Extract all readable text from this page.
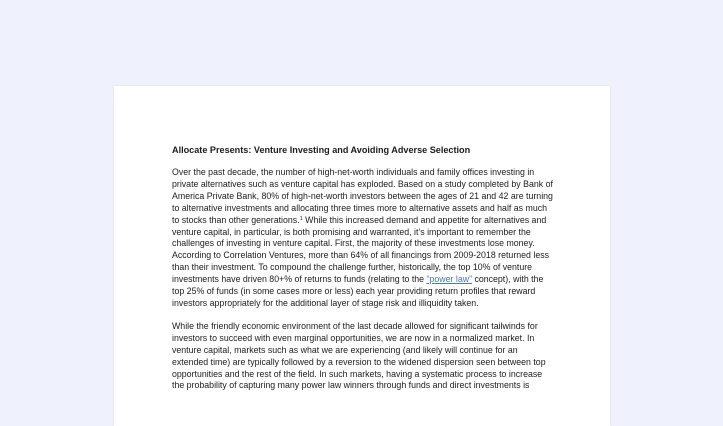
Allocate Presents: Venture Investing and Avoiding Adverse Selection

Over the past decade, the number of high-net-worth individuals and family offices investing in private alternatives such as venture capital has exploded. Based on a study completed by Bank of America Private Bank, 80% of high-net-worth investors between the ages of 21 and 42 are turning to alternative investments and allocating three times more to alternative assets and half as much to stocks than other generations.$^1$ While this increased demand and appetite for alternatives and venture capital, in particular, is both promising and warranted, it’s important to remember the challenges of investing in venture capital. First, the majority of these investments lose money. According to Correlation Ventures, more than 64% of all financings from 2009-2018 returned less than their investment. To compound the challenge further, historically, the top 10% of venture investments have driven 80+% of returns to funds (relating to the “power law” concept), with the top 25% of funds (in some cases more or less) each year providing return profiles that reward investors appropriately for the additional layer of stage risk and illiquidity taken.

While the friendly economic environment of the last decade allowed for significant tailwinds for investors to succeed with even marginal opportunities, we are now in a normalized market. In venture capital, markets such as what we are experiencing (and likely will continue for an extended time) are typically followed by a reversion to the widened dispersion seen between top opportunities and the rest of the field. In such markets, having a systematic process to increase the probability of capturing many power law winners through funds and direct investments is
